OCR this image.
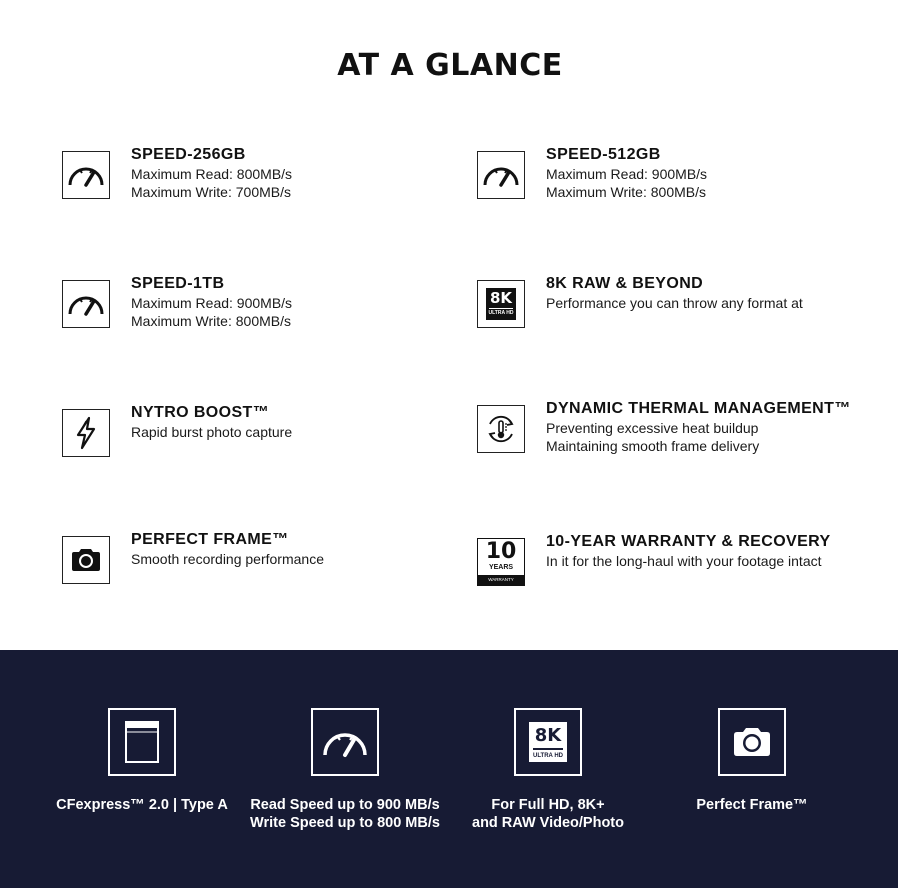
AT A GLANCE
SPEED-256GB
Maximum Read: 800MB/s
Maximum Write: 700MB/s
SPEED-512GB
Maximum Read: 900MB/s
Maximum Write: 800MB/s
SPEED-1TB
Maximum Read: 900MB/s
Maximum Write: 800MB/s
8K
ULTRA HD
8K RAW & BEYOND
Performance you can throw any format at
NYTRO BOOST™
Rapid burst photo capture
DYNAMIC THERMAL MANAGEMENT™
Preventing excessive heat buildup
Maintaining smooth frame delivery
PERFECT FRAME™
Smooth recording performance	10
YEARS
WARRANTY
10-YEAR WARRANTY & RECOVERY
In it for the long-haul with your footage intact
CFexpress™ 2.0 | Type A	Read Speed up to 900 MB/s
Write Speed up to 800 MB/s
8K
ULTRA HD
For Full HD, 8K+
and RAW Video/Photo
Perfect Frame™
